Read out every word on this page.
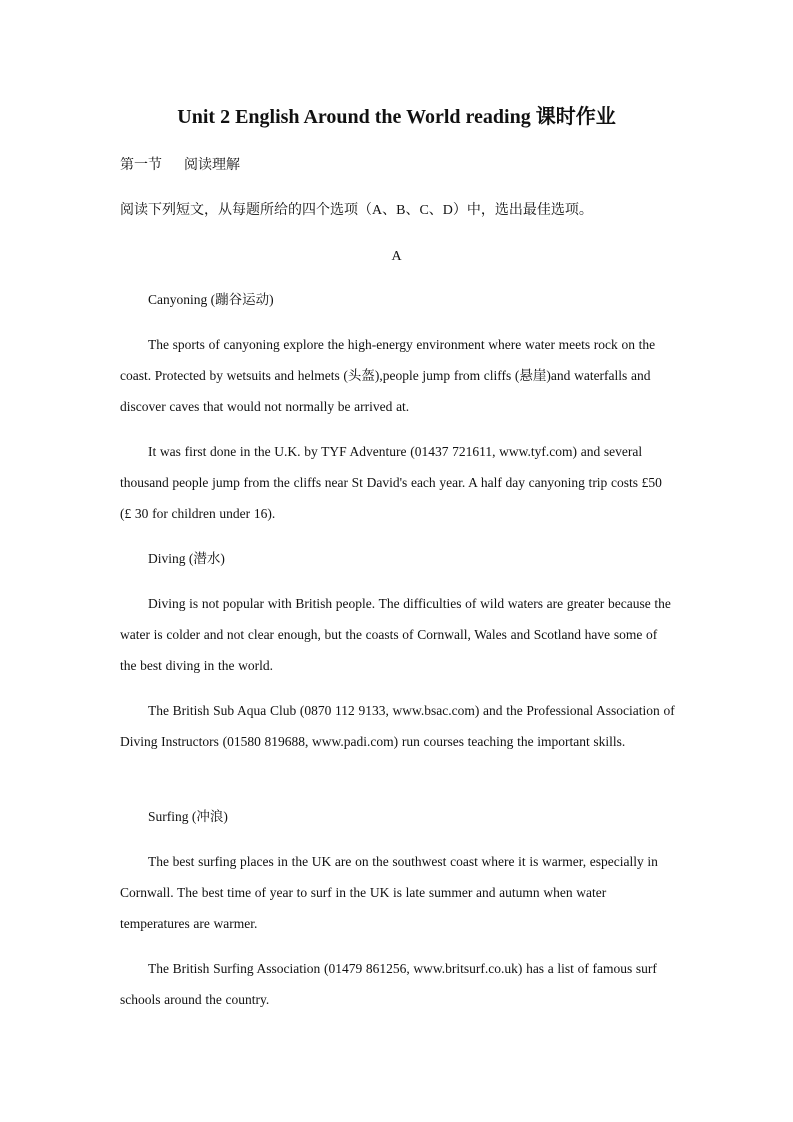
Unit 2 English Around the World reading 课时作业
第一节 阅读理解
阅读下列短文，从每题所给的四个选项（A、B、C、D）中，选出最佳选项。
A

Canyoning (蹦谷运动)

The sports of canyoning explore the high-energy environment where water meets rock on the coast. Protected by wetsuits and helmets (头盔),people jump from cliffs (悬崖)and waterfalls and discover caves that would not normally be arrived at.

It was first done in the U.K. by TYF Adventure (01437 721611, www.tyf.com) and several thousand people jump from the cliffs near St David's each year. A half day canyoning trip costs £50 (£ 30 for children under 16).

Diving (潜水)

Diving is not popular with British people. The difficulties of wild waters are greater because the water is colder and not clear enough, but the coasts of Cornwall, Wales and Scotland have some of the best diving in the world.

The British Sub Aqua Club (0870 112 9133, www.bsac.com) and the Professional Association of Diving Instructors (01580 819688, www.padi.com) run courses teaching the important skills.

Surfing (冲浪)

The best surfing places in the UK are on the southwest coast where it is warmer, especially in Cornwall. The best time of year to surf in the UK is late summer and autumn when water temperatures are warmer.

The British Surfing Association (01479 861256, www.britsurf.co.uk) has a list of famous surf schools around the country.
